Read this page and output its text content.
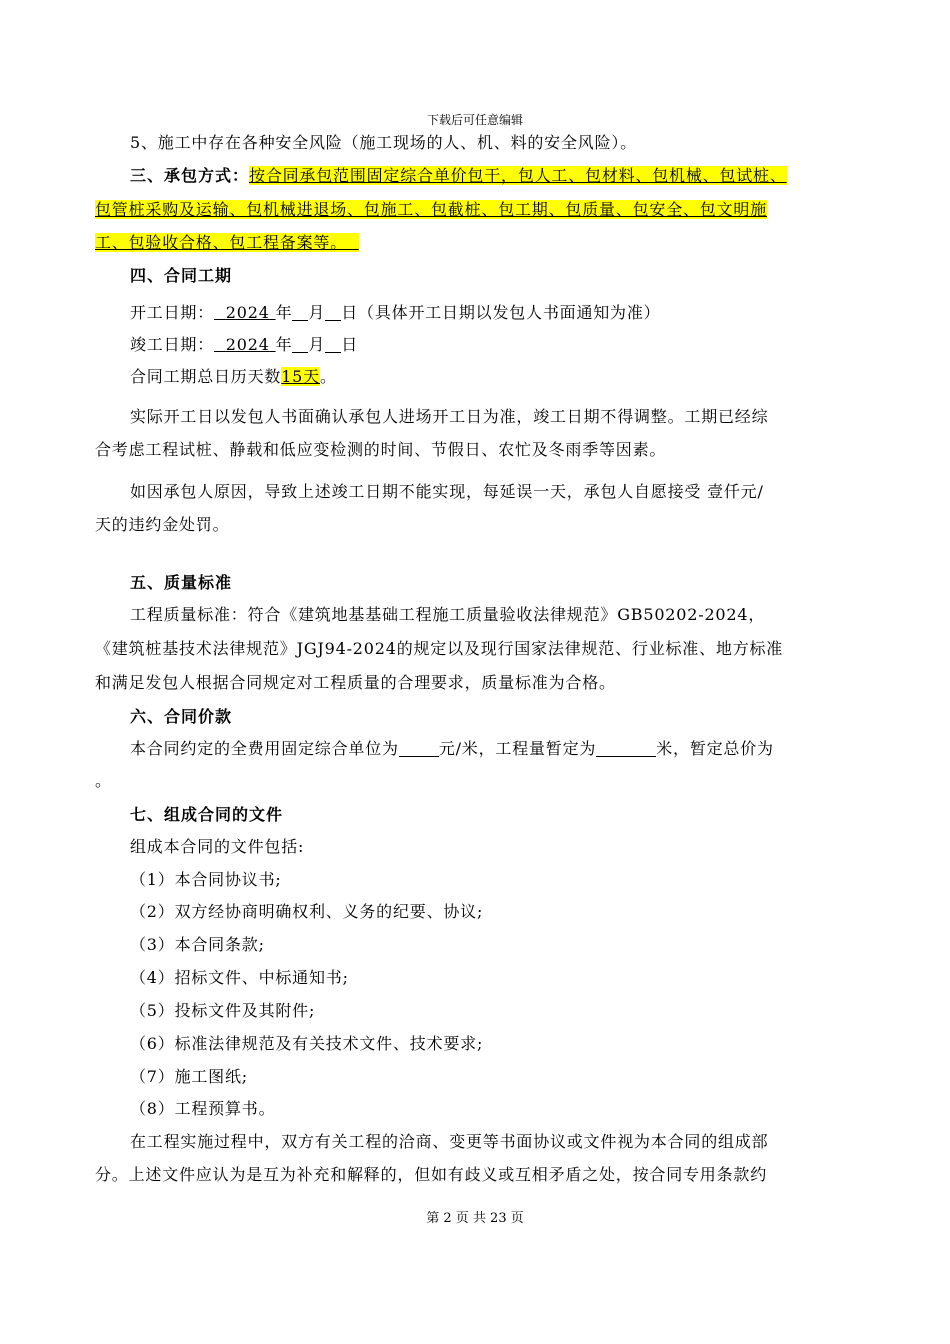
下载后可任意编辑
5、施工中存在各种安全风险（施工现场的人、机、料的安全风险）。
三、承包方式：按合同承包范围固定综合单价包干，包人工、包材料、包机械、包试桩、
包管桩采购及运输、包机械进退场、包施工、包截桩、包工期、包质量、包安全、包文明施
工、包验收合格、包工程备案等。
四、合同工期
开工日期： 2024 年 月 日（具体开工日期以发包人书面通知为准）
竣工日期： 2024 年 月 日
合同工期总日历天数15天。
实际开工日以发包人书面确认承包人进场开工日为准，竣工日期不得调整。工期已经综
合考虑工程试桩、静载和低应变检测的时间、节假日、农忙及冬雨季等因素。
如因承包人原因，导致上述竣工日期不能实现，每延误一天，承包人自愿接受 壹仟元/
天的违约金处罚。
五、质量标准
工程质量标准：符合《建筑地基基础工程施工质量验收法律规范》GB50202-2024，
《建筑桩基技术法律规范》JGJ94-2024的规定以及现行国家法律规范、行业标准、地方标准
和满足发包人根据合同规定对工程质量的合理要求，质量标准为合格。
六、合同价款
本合同约定的全费用固定综合单位为	元/米，工程量暂定为	米，暂定总价为
。
七、组成合同的文件
组成本合同的文件包括:
（1）本合同协议书;
（2）双方经协商明确权利、义务的纪要、协议;
（3）本合同条款;
（4）招标文件、中标通知书;
（5）投标文件及其附件;
（6）标准法律规范及有关技术文件、技术要求;
（7）施工图纸;
（8）工程预算书。
在工程实施过程中，双方有关工程的洽商、变更等书面协议或文件视为本合同的组成部
分。上述文件应认为是互为补充和解释的，但如有歧义或互相矛盾之处，按合同专用条款约
第 2 页 共 23 页
